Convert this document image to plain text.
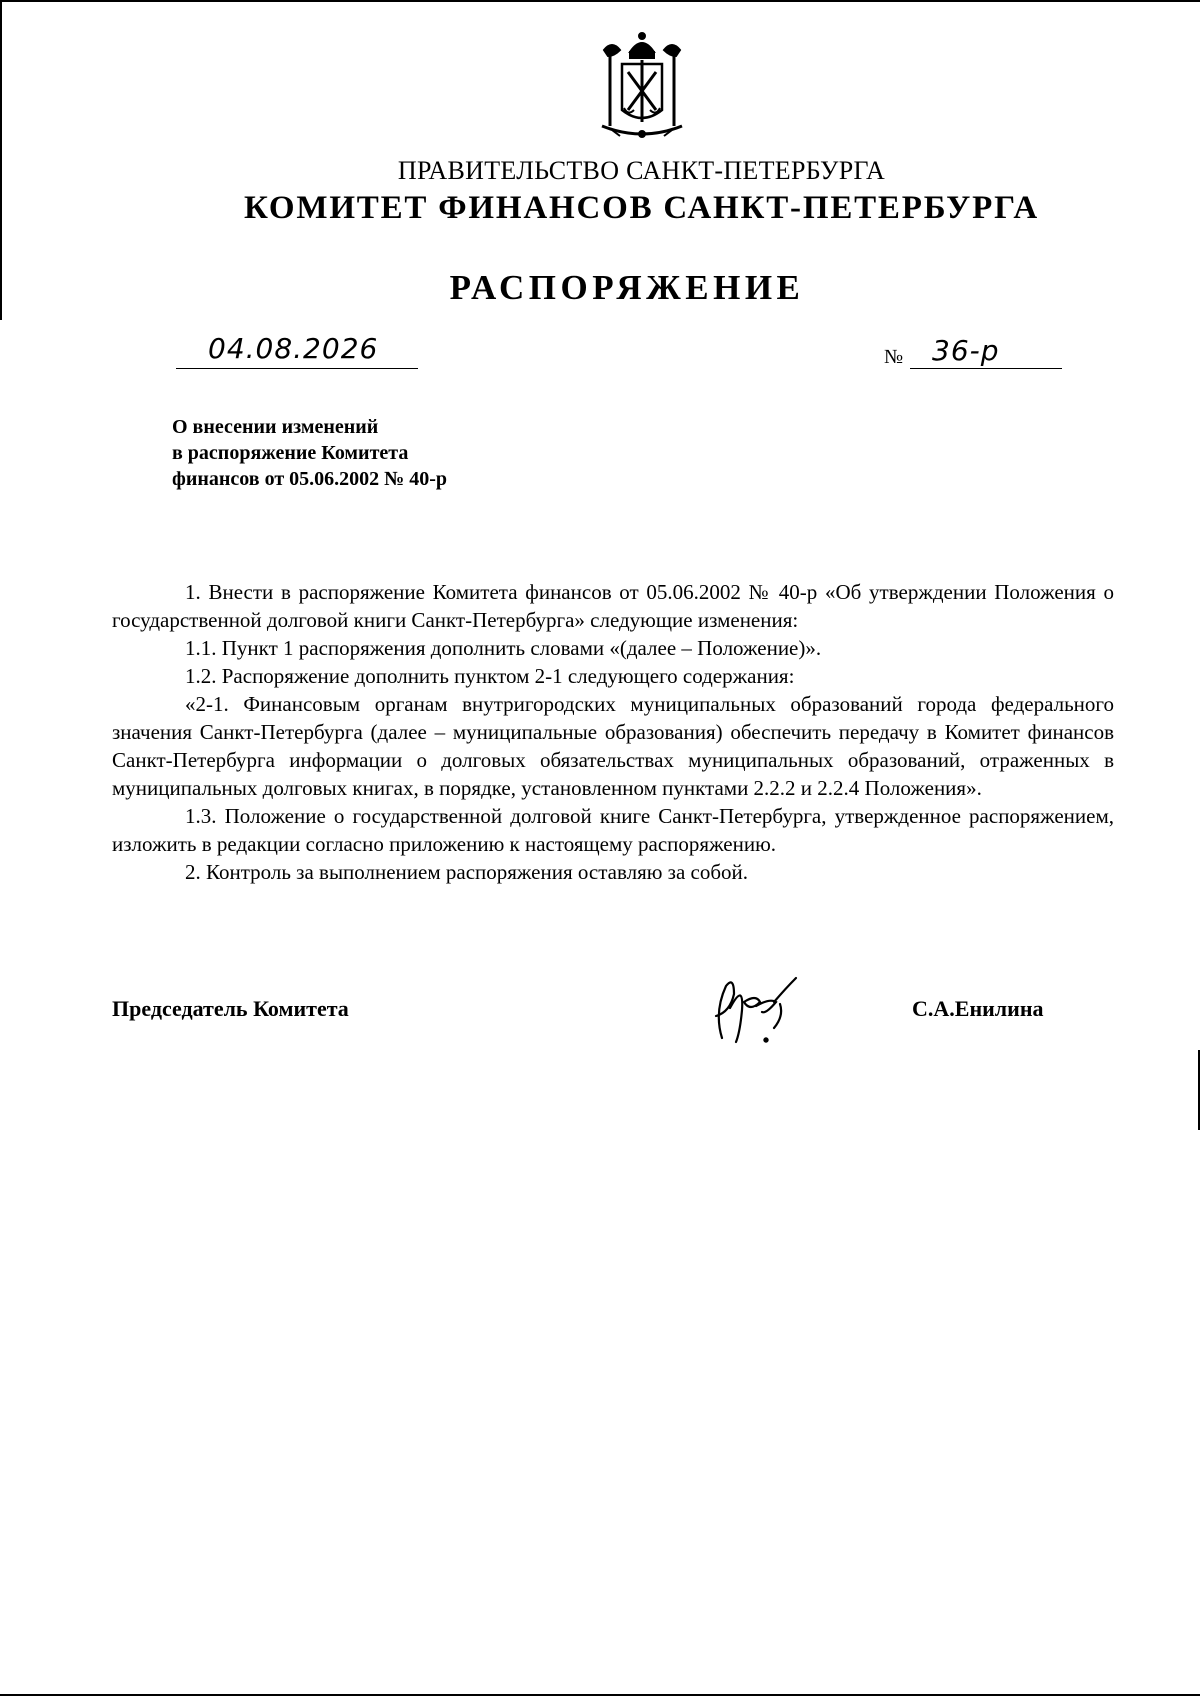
ПРАВИТЕЛЬСТВО САНКТ-ПЕТЕРБУРГА
КОМИТЕТ ФИНАНСОВ САНКТ-ПЕТЕРБУРГА
РАСПОРЯЖЕНИЕ
04.08.2026	№ 36-р
О внесении изменений
в распоряжение Комитета
финансов от 05.06.2002 № 40-р

1. Внести в распоряжение Комитета финансов от 05.06.2002 № 40-р «Об утверждении Положения о государственной долговой книги Санкт-Петербурга» следующие изменения:

1.1. Пункт 1 распоряжения дополнить словами «(далее – Положение)».

1.2. Распоряжение дополнить пунктом 2-1 следующего содержания:

«2-1. Финансовым органам внутригородских муниципальных образований города федерального значения Санкт-Петербурга (далее – муниципальные образования) обеспечить передачу в Комитет финансов Санкт-Петербурга информации о долговых обязательствах муниципальных образований, отраженных в муниципальных долговых книгах, в порядке, установленном пунктами 2.2.2 и 2.2.4 Положения».

1.3. Положение о государственной долговой книге Санкт-Петербурга, утвержденное распоряжением, изложить в редакции согласно приложению к настоящему распоряжению.

2. Контроль за выполнением распоряжения оставляю за собой.

Председатель Комитета	С.А.Енилина
